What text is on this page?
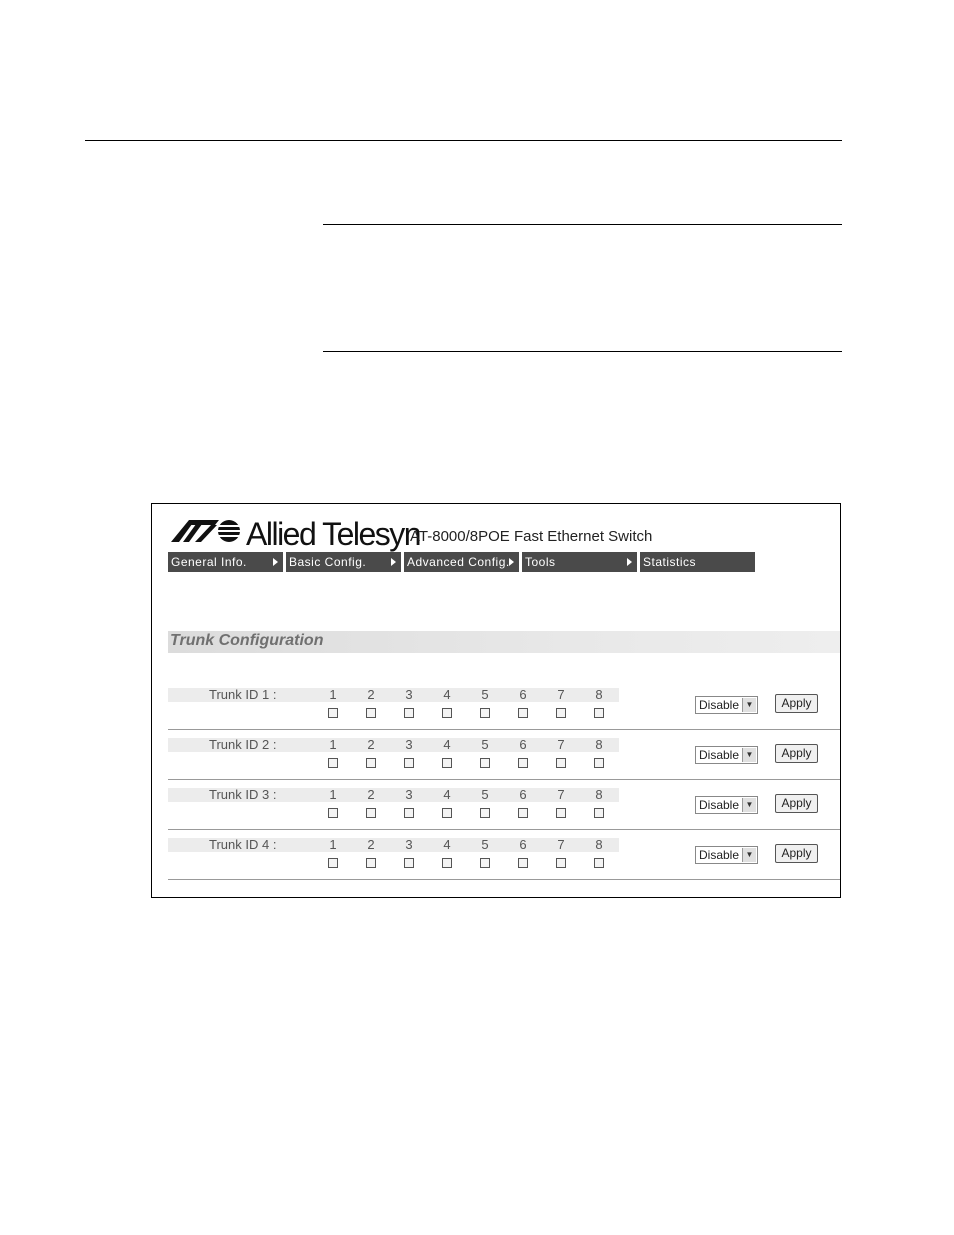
Allied Telesyn
AT-8000/8POE Fast Ethernet Switch
General Info.	Basic Config.	Advanced Config.	Tools	Statistics
Trunk Configuration
Trunk ID 1 :	1 2 3 4 5 6 7 8
Disable ▼	Apply
Trunk ID 2 :	1 2 3 4 5 6 7 8
Disable ▼	Apply
Trunk ID 3 :	1 2 3 4 5 6 7 8
Disable ▼	Apply
Trunk ID 4 :	1 2 3 4 5 6 7 8
Disable ▼	Apply
